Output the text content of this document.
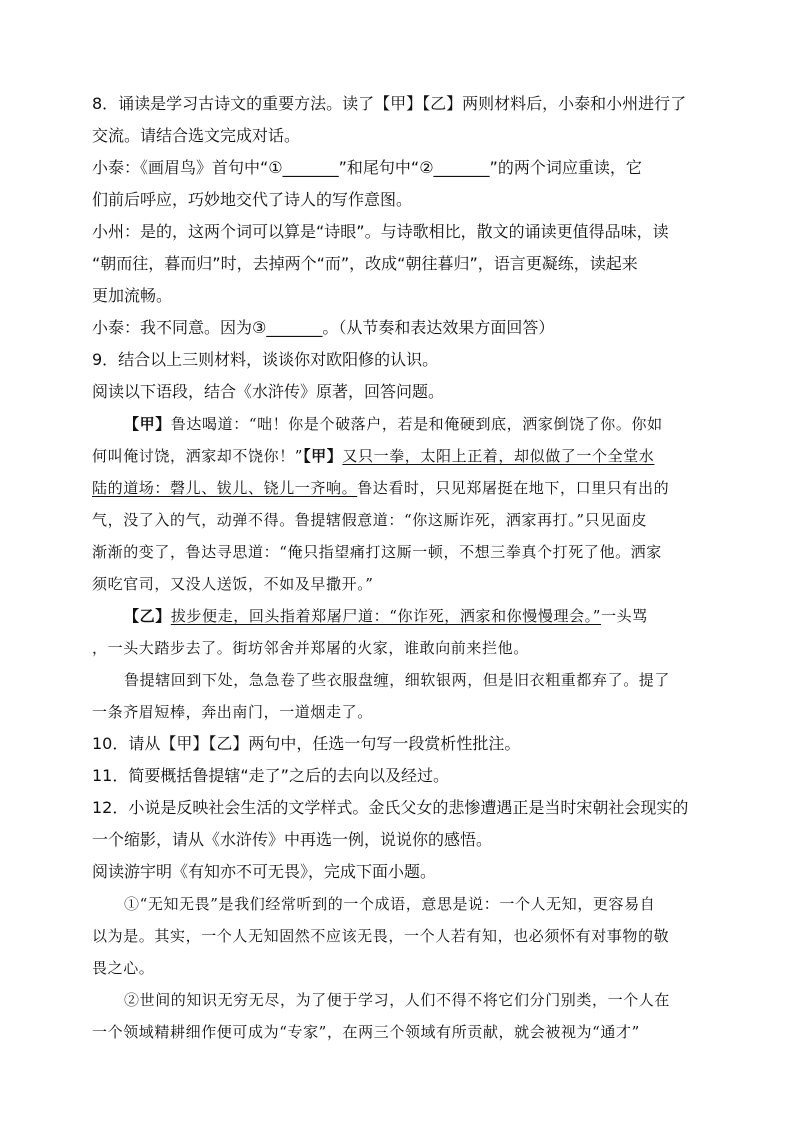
8．诵读是学习古诗文的重要方法。读了【甲】【乙】两则材料后，小泰和小州进行了
交流。请结合选文完成对话。
小泰：《画眉鸟》首句中“①_______”和尾句中“②_______”的两个词应重读，它
们前后呼应，巧妙地交代了诗人的写作意图。
小州：是的，这两个词可以算是“诗眼”。与诗歌相比，散文的诵读更值得品味，读
“朝而往，暮而归”时，去掉两个“而”，改成“朝往暮归”，语言更凝练，读起来
更加流畅。
小泰：我不同意。因为③_______。（从节奏和表达效果方面回答）
9．结合以上三则材料，谈谈你对欧阳修的认识。
阅读以下语段，结合《水浒传》原著，回答问题。
【甲】鲁达喝道：“咄！你是个破落户，若是和俺硬到底，洒家倒饶了你。你如
何叫俺讨饶，洒家却不饶你！”【甲】又只一拳，太阳上正着，却似做了一个全堂水
陆的道场：磬儿、钹儿、铙儿一齐响。鲁达看时，只见郑屠挺在地下，口里只有出的
气，没了入的气，动弹不得。鲁提辖假意道：“你这厮诈死，洒家再打。”只见面皮
渐渐的变了，鲁达寻思道：“俺只指望痛打这厮一顿，不想三拳真个打死了他。洒家
须吃官司，又没人送饭，不如及早撒开。”
【乙】拔步便走，回头指着郑屠尸道：“你诈死，洒家和你慢慢理会。”一头骂
，一头大踏步去了。街坊邻舍并郑屠的火家，谁敢向前来拦他。
鲁提辖回到下处，急急卷了些衣服盘缠，细软银两，但是旧衣粗重都弃了。提了
一条齐眉短棒，奔出南门，一道烟走了。
10．请从【甲】【乙】两句中，任选一句写一段赏析性批注。
11．简要概括鲁提辖“走了”之后的去向以及经过。
12．小说是反映社会生活的文学样式。金氏父女的悲惨遭遇正是当时宋朝社会现实的
一个缩影，请从《水浒传》中再选一例，说说你的感悟。
阅读游宇明《有知亦不可无畏》，完成下面小题。
①“无知无畏”是我们经常听到的一个成语，意思是说：一个人无知，更容易自
以为是。其实，一个人无知固然不应该无畏，一个人若有知，也必须怀有对事物的敬
畏之心。
②世间的知识无穷无尽，为了便于学习，人们不得不将它们分门别类，一个人在
一个领域精耕细作便可成为“专家”，在两三个领域有所贡献，就会被视为“通才”
